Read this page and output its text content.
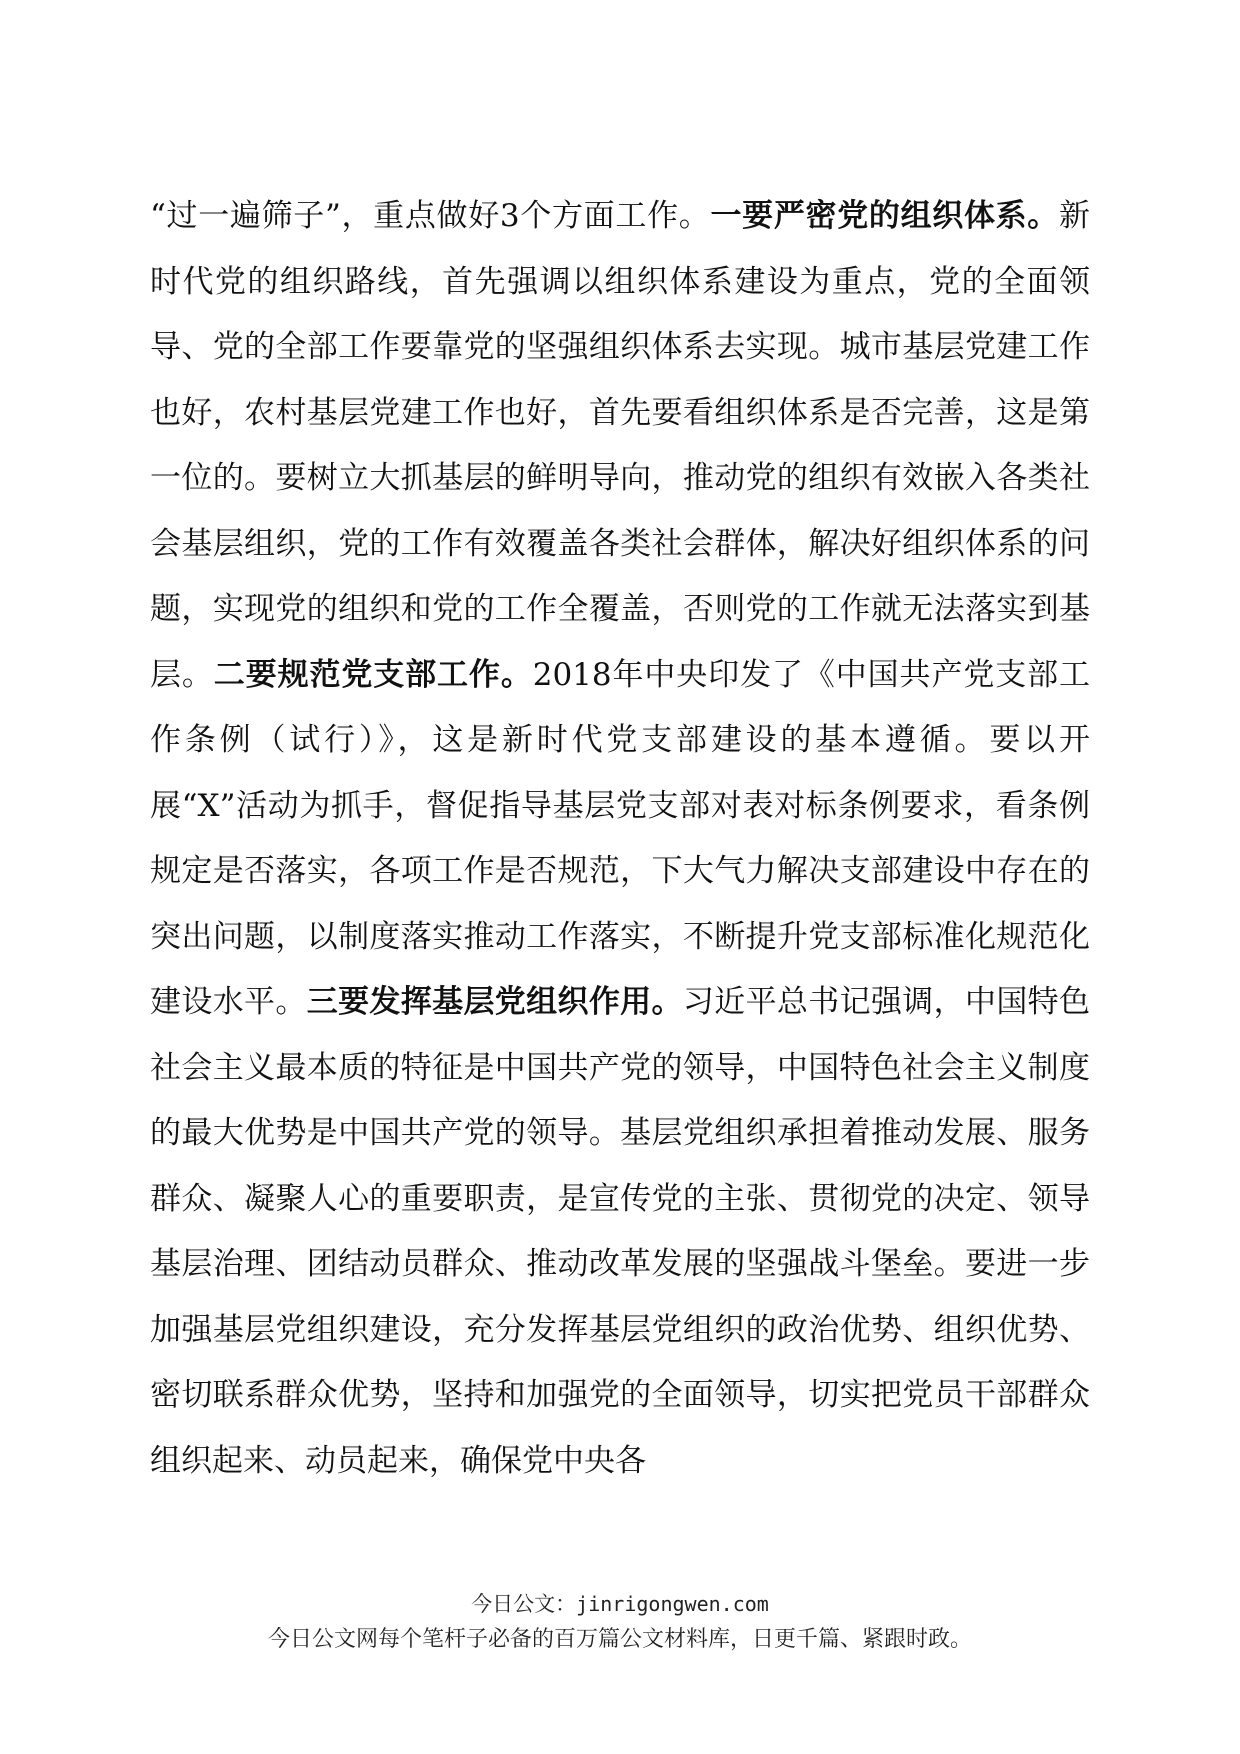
“过一遍筛子”，重点做好3个方面工作。一要严密党的组织体系。新时代党的组织路线，首先强调以组织体系建设为重点，党的全面领导、党的全部工作要靠党的坚强组织体系去实现。城市基层党建工作也好，农村基层党建工作也好，首先要看组织体系是否完善，这是第一位的。要树立大抓基层的鲜明导向，推动党的组织有效嵌入各类社会基层组织，党的工作有效覆盖各类社会群体，解决好组织体系的问题，实现党的组织和党的工作全覆盖，否则党的工作就无法落实到基层。二要规范党支部工作。2018年中央印发了《中国共产党支部工作条例（试行）》，这是新时代党支部建设的基本遵循。要以开展“X”活动为抓手，督促指导基层党支部对表对标条例要求，看条例规定是否落实，各项工作是否规范，下大气力解决支部建设中存在的突出问题，以制度落实推动工作落实，不断提升党支部标准化规范化建设水平。三要发挥基层党组织作用。习近平总书记强调，中国特色社会主义最本质的特征是中国共产党的领导，中国特色社会主义制度的最大优势是中国共产党的领导。基层党组织承担着推动发展、服务群众、凝聚人心的重要职责，是宣传党的主张、贯彻党的决定、领导基层治理、团结动员群众、推动改革发展的坚强战斗堡垒。要进一步加强基层党组织建设，充分发挥基层党组织的政治优势、组织优势、密切联系群众优势，坚持和加强党的全面领导，切实把党员干部群众组织起来、动员起来，确保党中央各

今日公文：jinrigongwen.com
今日公文网每个笔杆子必备的百万篇公文材料库，日更千篇、紧跟时政。
